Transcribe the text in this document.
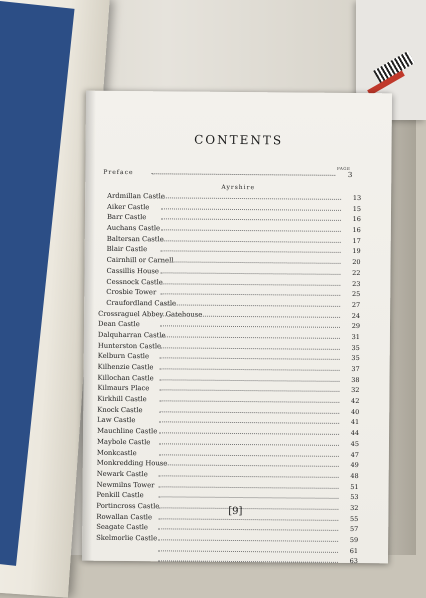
CONTENTS
PAGE
Preface	3
Ayrshire
Ardmillan Castle	13
Aiker Castle	15
Barr Castle	16
Auchans Castle	16
Baltersan Castle	17
Blair Castle	19
Cairnhill or Carnell	20
Cassillis House	22
Cessnock Castle	23
Crosbie Tower	25
Craufordland Castle	27
Crossraguel Abbey Gatehouse	24
Dean Castle	29
Dalquharran Castle	31
Hunterston Castle	35
Kelburn Castle	35
Kilhenzie Castle	37
Killochan Castle	38
Kilmaurs Place	32
Kirkhill Castle	42
Knock Castle	40
Law Castle	41
Mauchline Castle	44
Maybole Castle	45
Monkcastle	47
Monkredding House	49
Newark Castle	48
Newmilns Tower	51
Penkill Castle	53
Portincross Castle	32
Rowallan Castle	55
Seagate Castle	57
Skelmorlie Castle	59
61
63
[9]
